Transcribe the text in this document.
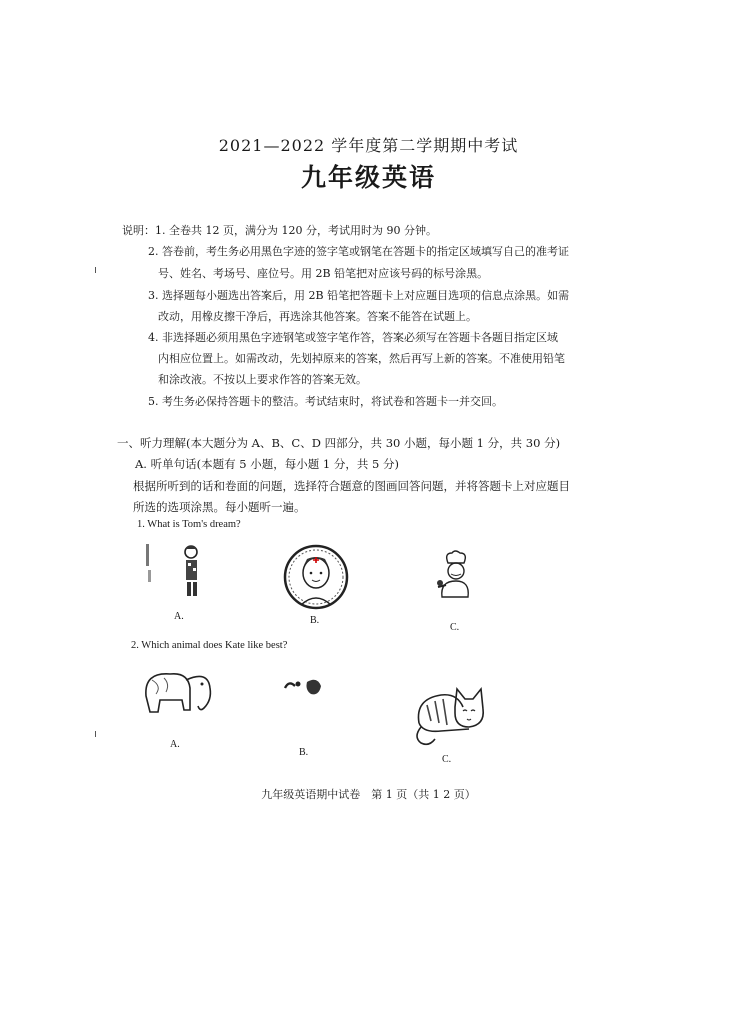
2021—2022 学年度第二学期期中考试
九年级英语
说明：1. 全卷共 12 页，满分为 120 分，考试用时为 90 分钟。
2. 答卷前，考生务必用黑色字迹的签字笔或钢笔在答题卡的指定区域填写自己的准考证
号、姓名、考场号、座位号。用 2B 铅笔把对应该号码的标号涂黑。
3. 选择题每小题选出答案后，用 2B 铅笔把答题卡上对应题目选项的信息点涂黑。如需
改动，用橡皮擦干净后，再选涂其他答案。答案不能答在试题上。
4. 非选择题必须用黑色字迹钢笔或签字笔作答，答案必须写在答题卡各题目指定区域
内相应位置上。如需改动，先划掉原来的答案，然后再写上新的答案。不准使用铅笔
和涂改液。不按以上要求作答的答案无效。
5. 考生务必保持答题卡的整洁。考试结束时，将试卷和答题卡一并交回。
一、听力理解(本大题分为 A、B、C、D 四部分，共 30 小题，每小题 1 分，共 30 分)
A. 听单句话(本题有 5 小题，每小题 1 分，共 5 分)
根据所听到的话和卷面的问题，选择符合题意的图画回答问题，并将答题卡上对应题目
所选的选项涂黑。每小题听一遍。
1. What is Tom's dream?
A.	B.
C.
2. Which animal does Kate like best?
A.
B.
C.
九年级英语期中试卷　第 1 页（共 1 2 页）
